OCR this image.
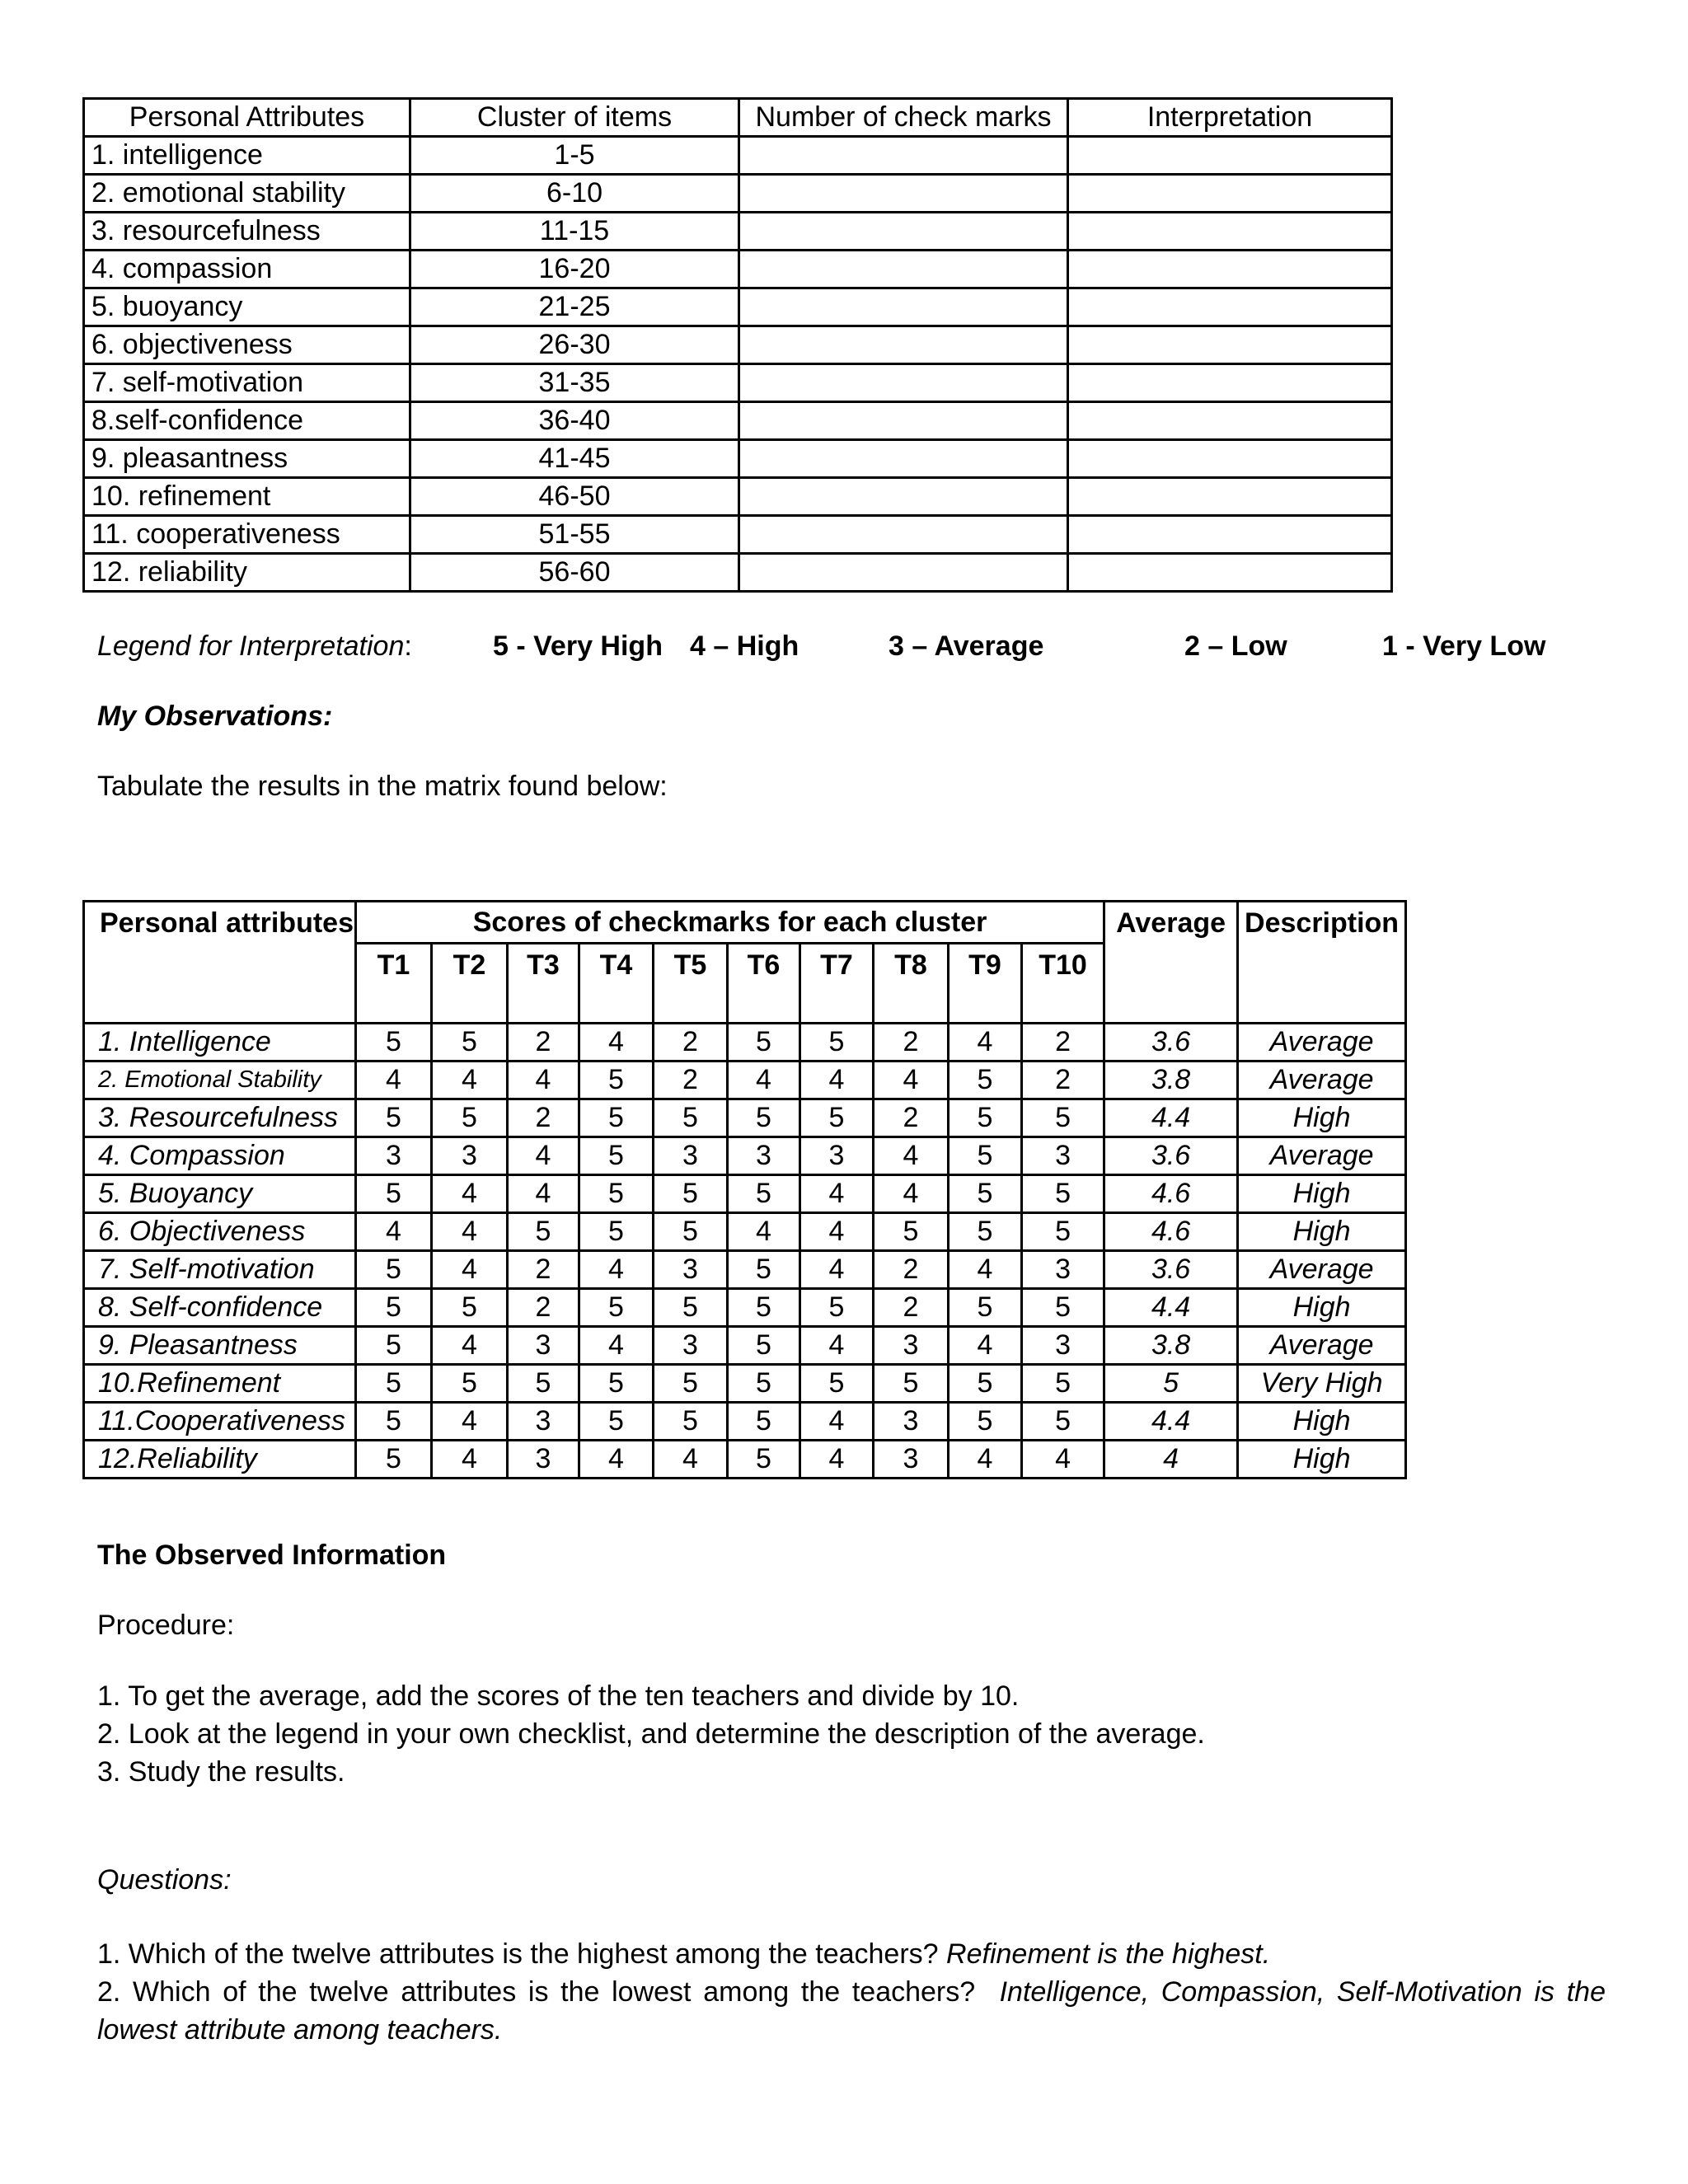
Personal Attributes	Cluster of items	Number of check marks	Interpretation
1. intelligence	1-5		
2. emotional stability	6-10		
3. resourcefulness	11-15		
4. compassion	16-20		
5. buoyancy	21-25		
6. objectiveness	26-30		
7. self-motivation	31-35		
8.self-confidence	36-40		
9. pleasantness	41-45		
10. refinement	46-50		
11. cooperativeness	51-55		
12. reliability	56-60		
Legend for Interpretation:	5 - Very High 4 – High	3 – Average	2 – Low	1 - Very Low
My Observations:
Tabulate the results in the matrix found below:
Personal attributes	Scores of checkmarks for each cluster										Average	Description
	T1	T2	T3	T4	T5	T6	T7	T8	T9	T10		
1. Intelligence	5	5	2	4	2	5	5	2	4	2	3.6	Average
2. Emotional Stability	4	4	4	5	2	4	4	4	5	2	3.8	Average
3. Resourcefulness	5	5	2	5	5	5	5	2	5	5	4.4	High
4. Compassion	3	3	4	5	3	3	3	4	5	3	3.6	Average
5. Buoyancy	5	4	4	5	5	5	4	4	5	5	4.6	High
6. Objectiveness	4	4	5	5	5	4	4	5	5	5	4.6	High
7. Self-motivation	5	4	2	4	3	5	4	2	4	3	3.6	Average
8. Self-confidence	5	5	2	5	5	5	5	2	5	5	4.4	High
9. Pleasantness	5	4	3	4	3	5	4	3	4	3	3.8	Average
10.Refinement	5	5	5	5	5	5	5	5	5	5	5	Very High
11.Cooperativeness	5	4	3	5	5	5	4	3	5	5	4.4	High
12.Reliability	5	4	3	4	4	5	4	3	4	4	4	High
The Observed Information
Procedure:
1. To get the average, add the scores of the ten teachers and divide by 10.
2. Look at the legend in your own checklist, and determine the description of the average.
3. Study the results.
Questions:
1. Which of the twelve attributes is the highest among the teachers? Refinement is the highest.
2. Which of the twelve attributes is the lowest among the teachers? Intelligence, Compassion, Self-Motivation is the lowest attribute among teachers.
